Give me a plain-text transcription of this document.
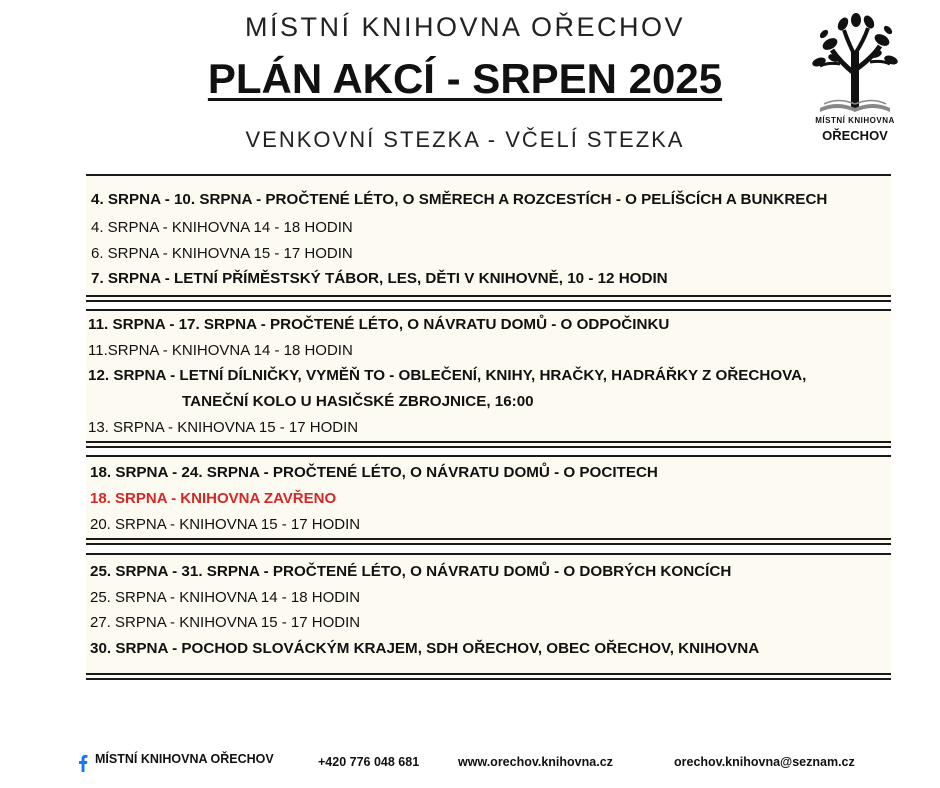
MÍSTNÍ KNIHOVNA OŘECHOV
PLÁN AKCÍ - SRPEN 2025
VENKOVNÍ STEZKA - VČELÍ STEZKA
MÍSTNÍ KNIHOVNA
OŘECHOV
4. SRPNA - 10. SRPNA - PROČTENÉ LÉTO, O SMĚRECH A ROZCESTÍCH - O PELÍŠCÍCH A BUNKRECH
4. SRPNA - KNIHOVNA 14 - 18 HODIN
6. SRPNA - KNIHOVNA 15 - 17 HODIN
7. SRPNA - LETNÍ PŘÍMĚSTSKÝ TÁBOR, LES, DĚTI V KNIHOVNĚ, 10 - 12 HODIN
11. SRPNA - 17. SRPNA - PROČTENÉ LÉTO, O NÁVRATU DOMŮ - O ODPOČINKU
11.SRPNA - KNIHOVNA 14 - 18 HODIN
12. SRPNA - LETNÍ DÍLNIČKY, VYMĚŇ TO - OBLEČENÍ, KNIHY, HRAČKY, HADRÁŘKY Z OŘECHOVA,
TANEČNÍ KOLO U HASIČSKÉ ZBROJNICE, 16:00
13. SRPNA - KNIHOVNA 15 - 17 HODIN
18. SRPNA - 24. SRPNA - PROČTENÉ LÉTO, O NÁVRATU DOMŮ - O POCITECH
18. SRPNA - KNIHOVNA ZAVŘENO
20. SRPNA - KNIHOVNA 15 - 17 HODIN
25. SRPNA - 31. SRPNA - PROČTENÉ LÉTO, O NÁVRATU DOMŮ - O DOBRÝCH KONCÍCH
25. SRPNA - KNIHOVNA 14 - 18 HODIN
27. SRPNA - KNIHOVNA 15 - 17 HODIN
30. SRPNA - POCHOD SLOVÁCKÝM KRAJEM, SDH OŘECHOV, OBEC OŘECHOV, KNIHOVNA
MÍSTNÍ KNIHOVNA OŘECHOV	+420 776 048 681	www.orechov.knihovna.cz	orechov.knihovna@seznam.cz
